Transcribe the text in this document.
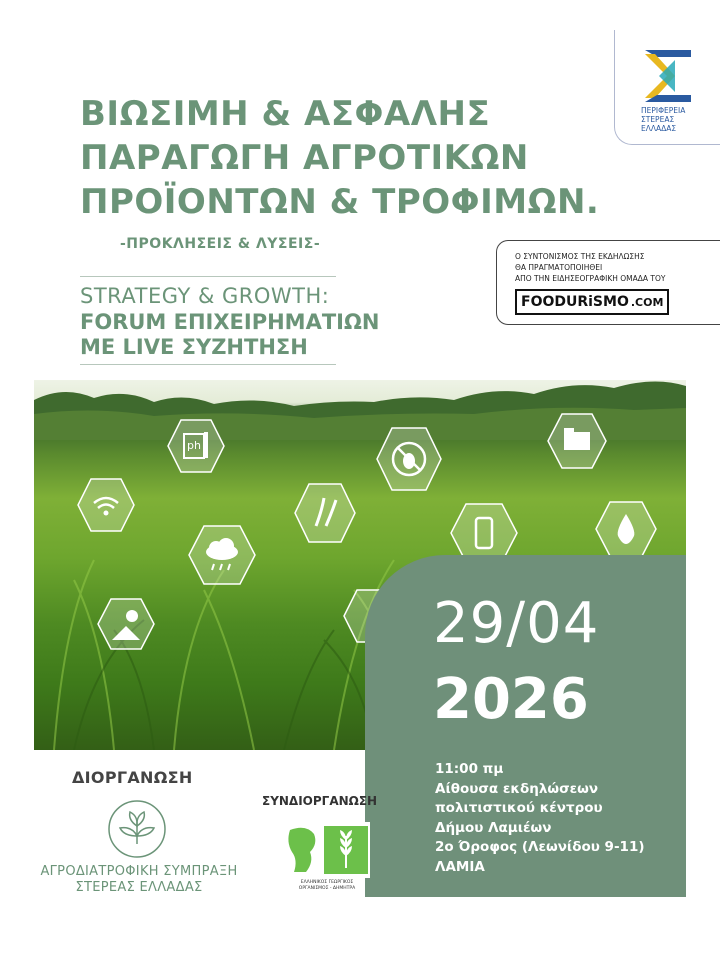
ΠΕΡΙΦΕΡΕΙΑ ΣΤΕΡΕΑΣ ΕΛΛΑΔΑΣ
ΒΙΩΣΙΜΗ & ΑΣΦΑΛΗΣ
ΠΑΡΑΓΩΓΗ ΑΓΡΟΤΙΚΩΝ
ΠΡΟΪΟΝΤΩΝ & ΤΡΟΦΙΜΩΝ.
-ΠΡΟΚΛΗΣΕΙΣ & ΛΥΣΕΙΣ-
Ο ΣΥΝΤΟΝΙΣΜΟΣ ΤΗΣ ΕΚΔΗΛΩΣΗΣ
ΘΑ ΠΡΑΓΜΑΤΟΠΟΙΗΘΕΙ
ΑΠΟ ΤΗΝ ΕΙΔΗΣΕΟΓΡΑΦΙΚΗ ΟΜΑΔΑ ΤΟΥ
FOODURiSMO .COM
STRATEGY & GROWTH:
FORUM ΕΠΙΧΕΙΡΗΜΑΤΙΩΝ
ΜΕ LIVE ΣΥΖΗΤΗΣΗ
ph
29/04
2026
11:00 πμ
Αίθουσα εκδηλώσεων
πολιτιστικού κέντρου
Δήμου Λαμιέων
2ο Όροφος (Λεωνίδου 9-11)
ΛΑΜΙΑ
ΔΙΟΡΓΑΝΩΣΗ
ΑΓΡΟΔΙΑΤΡΟΦΙΚΗ ΣΥΜΠΡΑΞΗ
ΣΤΕΡΕΑΣ ΕΛΛΑΔΑΣ
ΣΥΝΔΙΟΡΓΑΝΩΣΗ
ΕΛΛΗΝΙΚΟΣ ΓΕΩΡΓΙΚΟΣ
ΟΡΓΑΝΙΣΜΟΣ - ΔΗΜΗΤΡΑ
